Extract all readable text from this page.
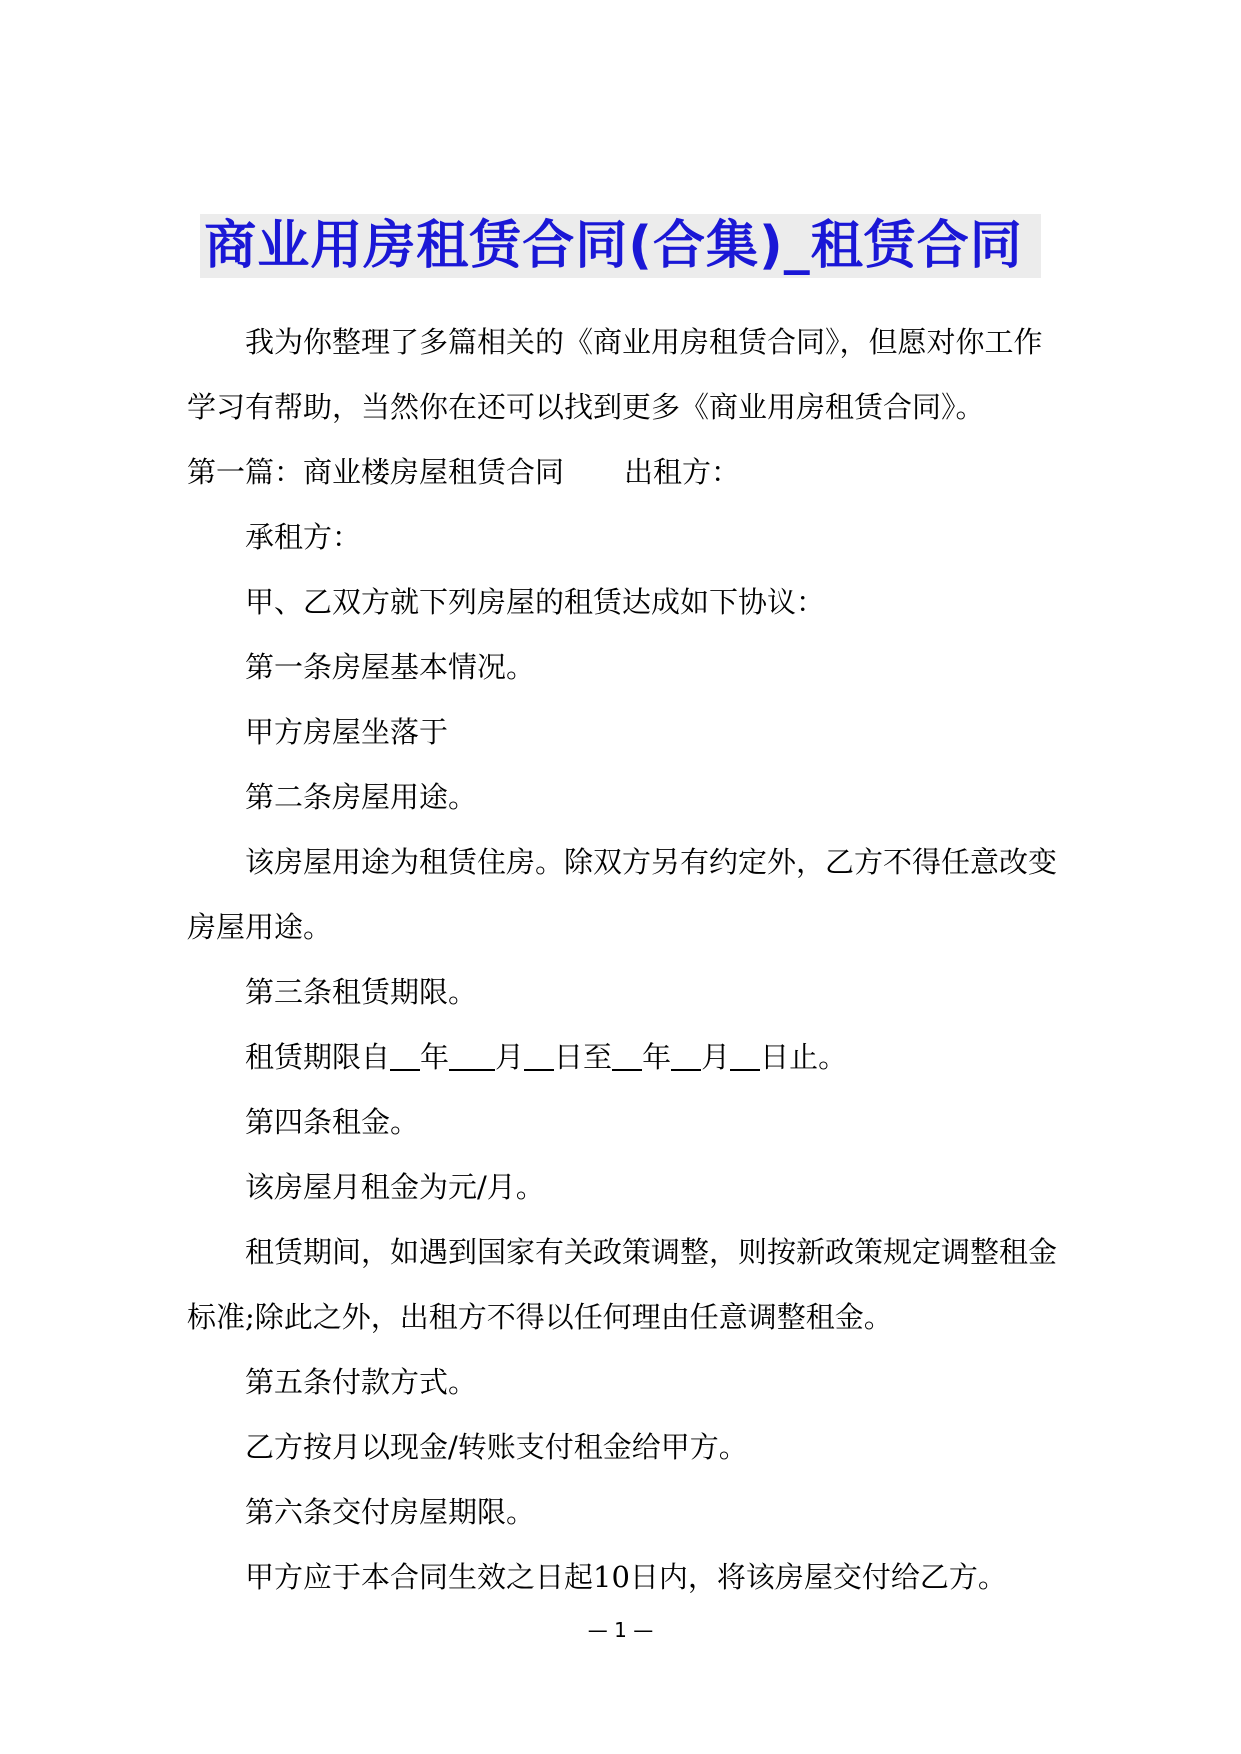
商业用房租赁合同(合集)_租赁合同

我为你整理了多篇相关的《商业用房租赁合同》，但愿对你工作

学习有帮助，当然你在还可以找到更多《商业用房租赁合同》。

第一篇：商业楼房屋租赁合同 出租方：

承租方：

甲、乙双方就下列房屋的租赁达成如下协议：

第一条房屋基本情况。

甲方房屋坐落于

第二条房屋用途。

该房屋用途为租赁住房。除双方另有约定外，乙方不得任意改变

房屋用途。

第三条租赁期限。

租赁期限自 年 月 日至 年 月 日止。

第四条租金。

该房屋月租金为元/月。

租赁期间，如遇到国家有关政策调整，则按新政策规定调整租金

标准;除此之外，出租方不得以任何理由任意调整租金。

第五条付款方式。

乙方按月以现金/转账支付租金给甲方。

第六条交付房屋期限。

甲方应于本合同生效之日起10日内，将该房屋交付给乙方。

— 1 —
